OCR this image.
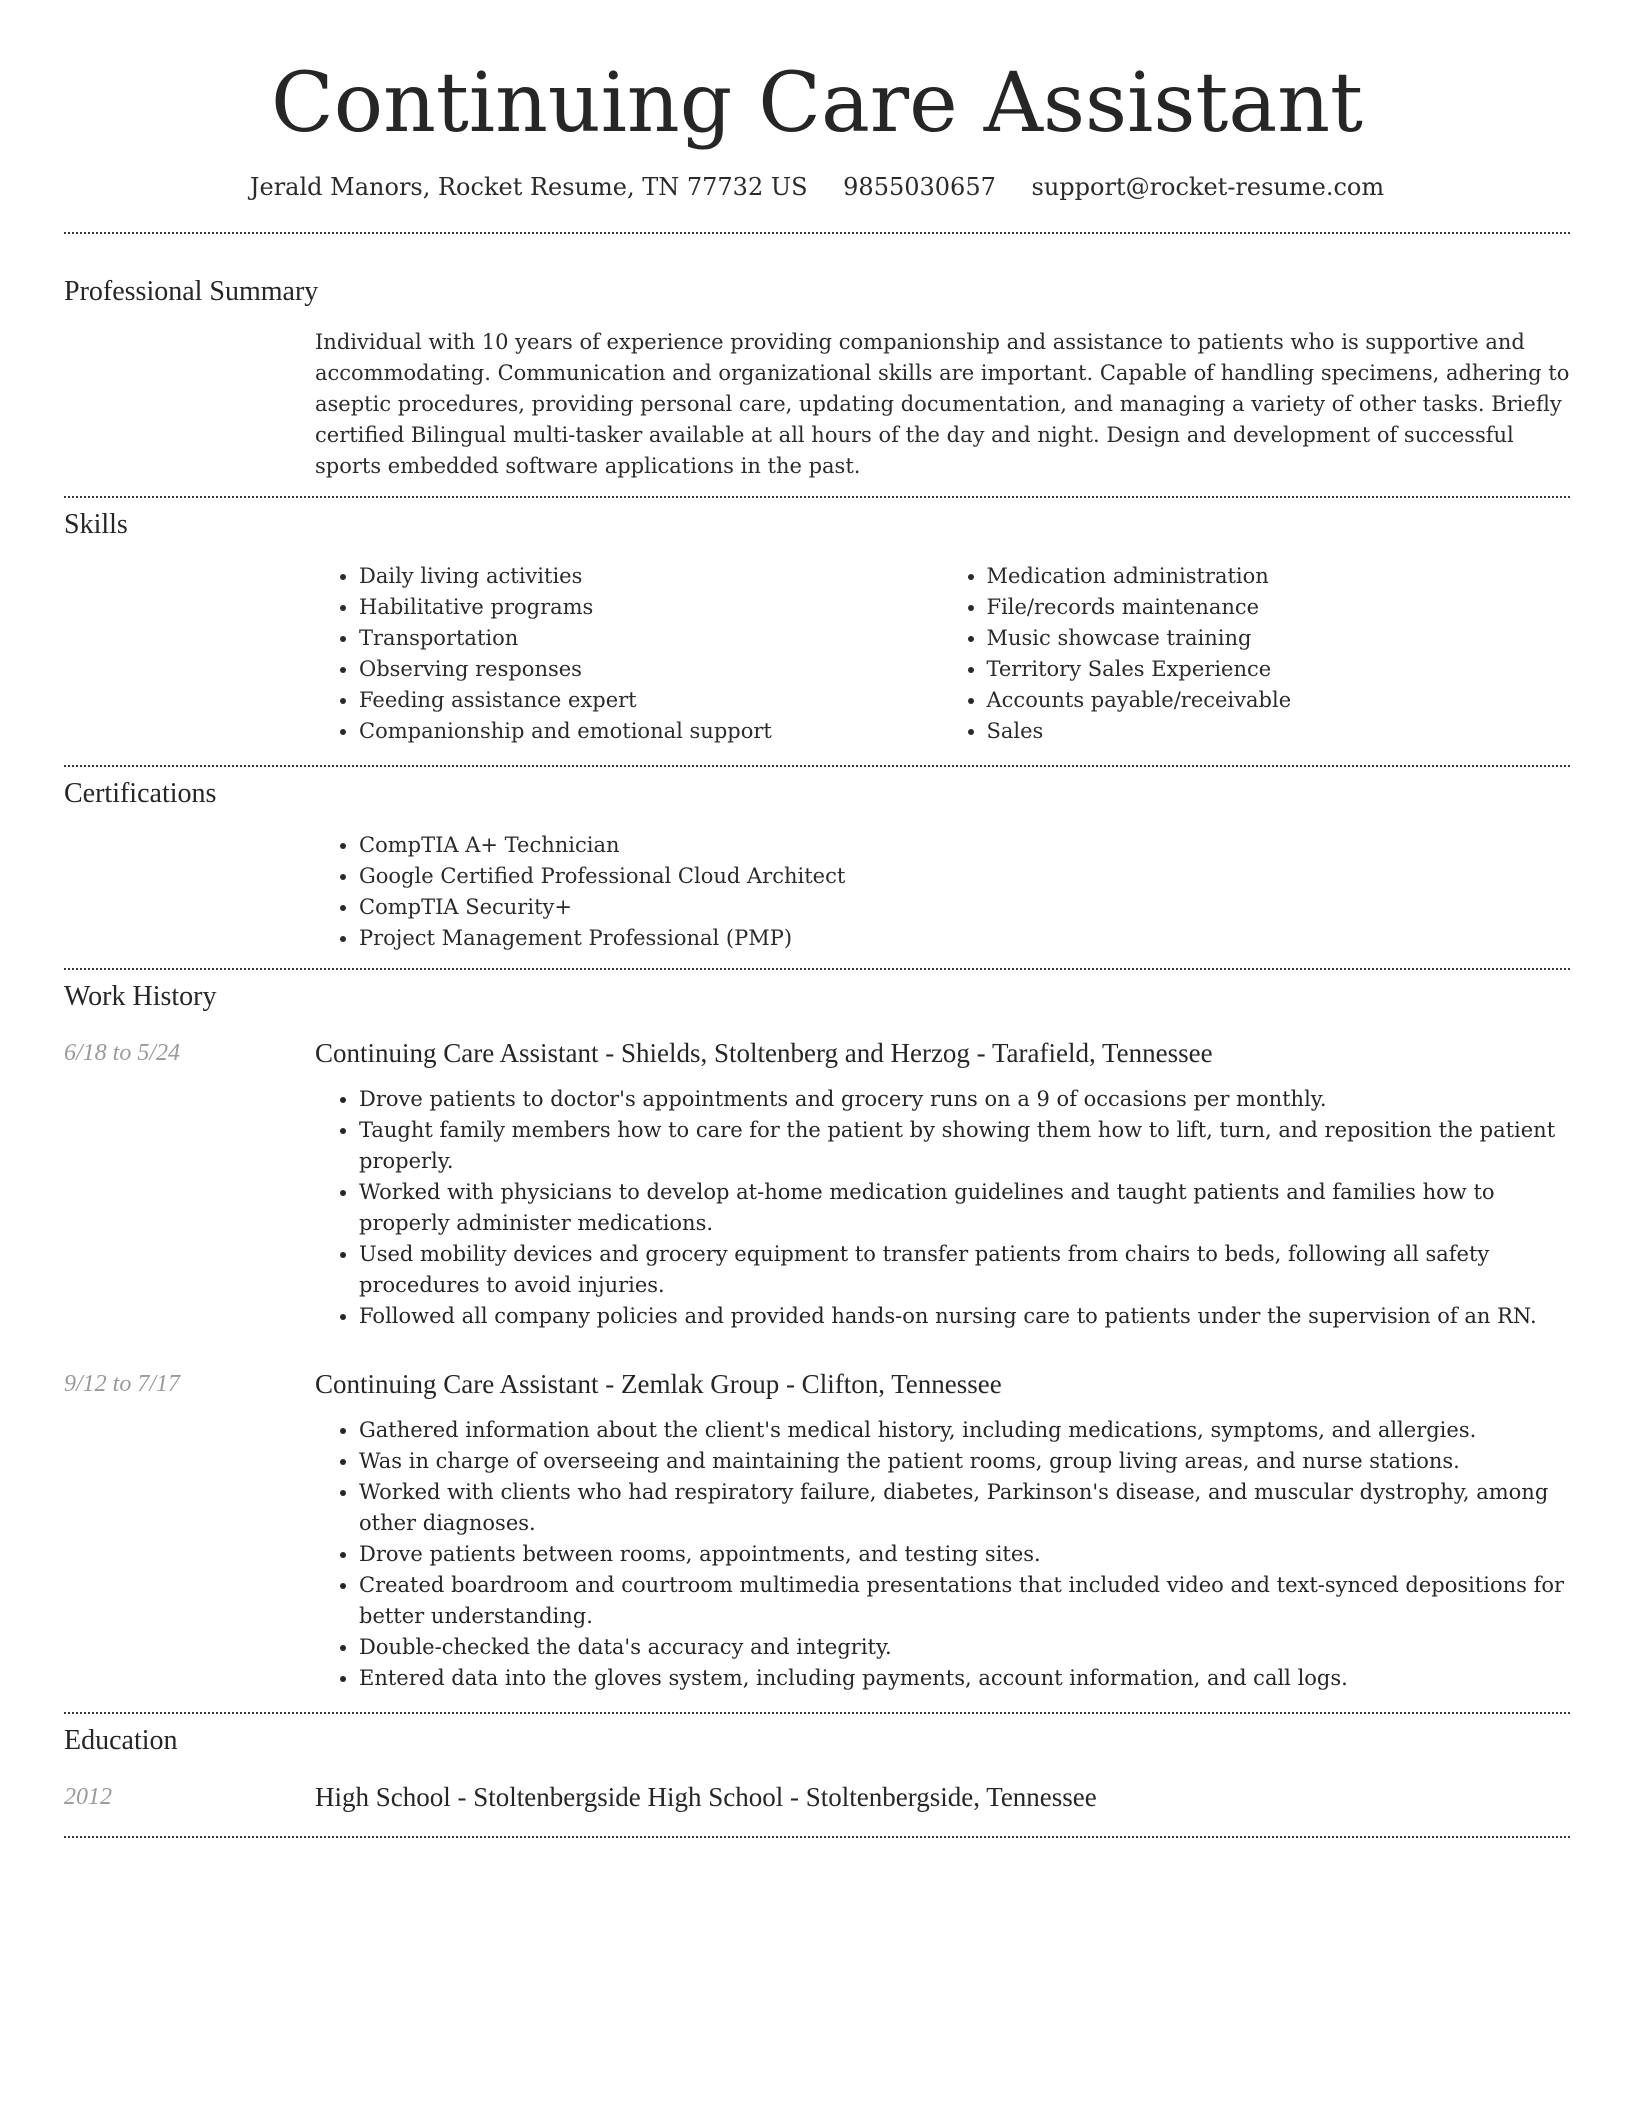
Continuing Care Assistant
Jerald Manors, Rocket Resume, TN 77732 US 9855030657 support@rocket-resume.com
Professional Summary

Individual with 10 years of experience providing companionship and assistance to patients who is supportive and accommodating. Communication and organizational skills are important. Capable of handling specimens, adhering to aseptic procedures, providing personal care, updating documentation, and managing a variety of other tasks. Briefly certified Bilingual multi-tasker available at all hours of the day and night. Design and development of successful sports embedded software applications in the past.

Skills
• Daily living activities
• Habilitative programs
• Transportation
• Observing responses
• Feeding assistance expert
• Companionship and emotional support
• Medication administration
• File/records maintenance
• Music showcase training
• Territory Sales Experience
• Accounts payable/receivable
• Sales
Certifications
• CompTIA A+ Technician
• Google Certified Professional Cloud Architect
• CompTIA Security+
• Project Management Professional (PMP)
Work History
6/18 to 5/24	Continuing Care Assistant - Shields, Stoltenberg and Herzog - Tarafield, Tennessee
• Drove patients to doctor's appointments and grocery runs on a 9 of occasions per monthly.
• Taught family members how to care for the patient by showing them how to lift, turn, and reposition the patient properly.
• Worked with physicians to develop at-home medication guidelines and taught patients and families how to properly administer medications.
• Used mobility devices and grocery equipment to transfer patients from chairs to beds, following all safety procedures to avoid injuries.
• Followed all company policies and provided hands-on nursing care to patients under the supervision of an RN.
9/12 to 7/17	Continuing Care Assistant - Zemlak Group - Clifton, Tennessee
• Gathered information about the client's medical history, including medications, symptoms, and allergies.
• Was in charge of overseeing and maintaining the patient rooms, group living areas, and nurse stations.
• Worked with clients who had respiratory failure, diabetes, Parkinson's disease, and muscular dystrophy, among other diagnoses.
• Drove patients between rooms, appointments, and testing sites.
• Created boardroom and courtroom multimedia presentations that included video and text-synced depositions for better understanding.
• Double-checked the data's accuracy and integrity.
• Entered data into the gloves system, including payments, account information, and call logs.
Education
2012	High School - Stoltenbergside High School - Stoltenbergside, Tennessee
